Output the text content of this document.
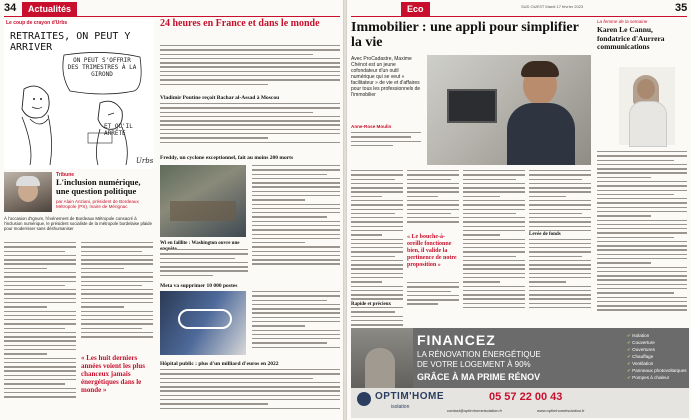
34	Actualités
Le coup de crayon d'Urbs
RETRAITES, ON PEUT Y ARRIVER
ON PEUT S'OFFRIR DES TRIMESTRES À LA GIROND
ET QU'IL ARRÊTE
Urbs
Tribune
L'inclusion numérique, une question politique
par Alain Anziani, président de Bordeaux Métropole (PS), maire de Mérignac
À l'occasion d'Ignum, l'événement de Bordeaux Métropole consacré à l'inclusion numérique, le président socialiste de la métropole bordelaise plaide pour moderniser sans déshumaniser
« Les huit derniers années voient les plus chanceux jamais énergétiques dans le monde »
24 heures en France et dans le monde
Vladimir Poutine reçoit Bachar al-Assad à Moscou
Freddy, un cyclone exceptionnel, fait au moins 200 morts
Wi en faillite : Washington ouvre une
Meta va supprimer 10 000 postes
Hôpital public : plus d'un milliard d'euros en 2022
Eco	SUD OUEST Mardi 17 février 2023	35
Immobilier : une appli pour simplifier la vie
Avec ProCadastre, Maxime Chénot est un jeune cofondateur d'un outil numérique qui se veut « facilitateur » de vie et d'affaires pour tous les professionnels de l'immobilier
Anne-Rose Moulin
« Le bouche-à-oreille fonctionne bien, il valide la pertinence de notre proposition »
Rapide et précieux
Levée de fonds
La femme de la semaine
Karen Le Cannu, fondatrice d'Aurrera communications
FINANCEZ
LA RÉNOVATION ÉNERGÉTIQUE
DE VOTRE LOGEMENT À 90%
GRÂCE À MA PRIME RÉNOV
OPTIM'HOME
isolation
05 57 22 00 43
contact@optimhomeisolation.fr	www.optimhomeisolation.fr
✔ Isolation
✔ Couverture
✔ Ouvertures
✔ Chauffage
✔ Ventilation
✔ Panneaux photovoltaïques
✔ Pompes à chaleur
